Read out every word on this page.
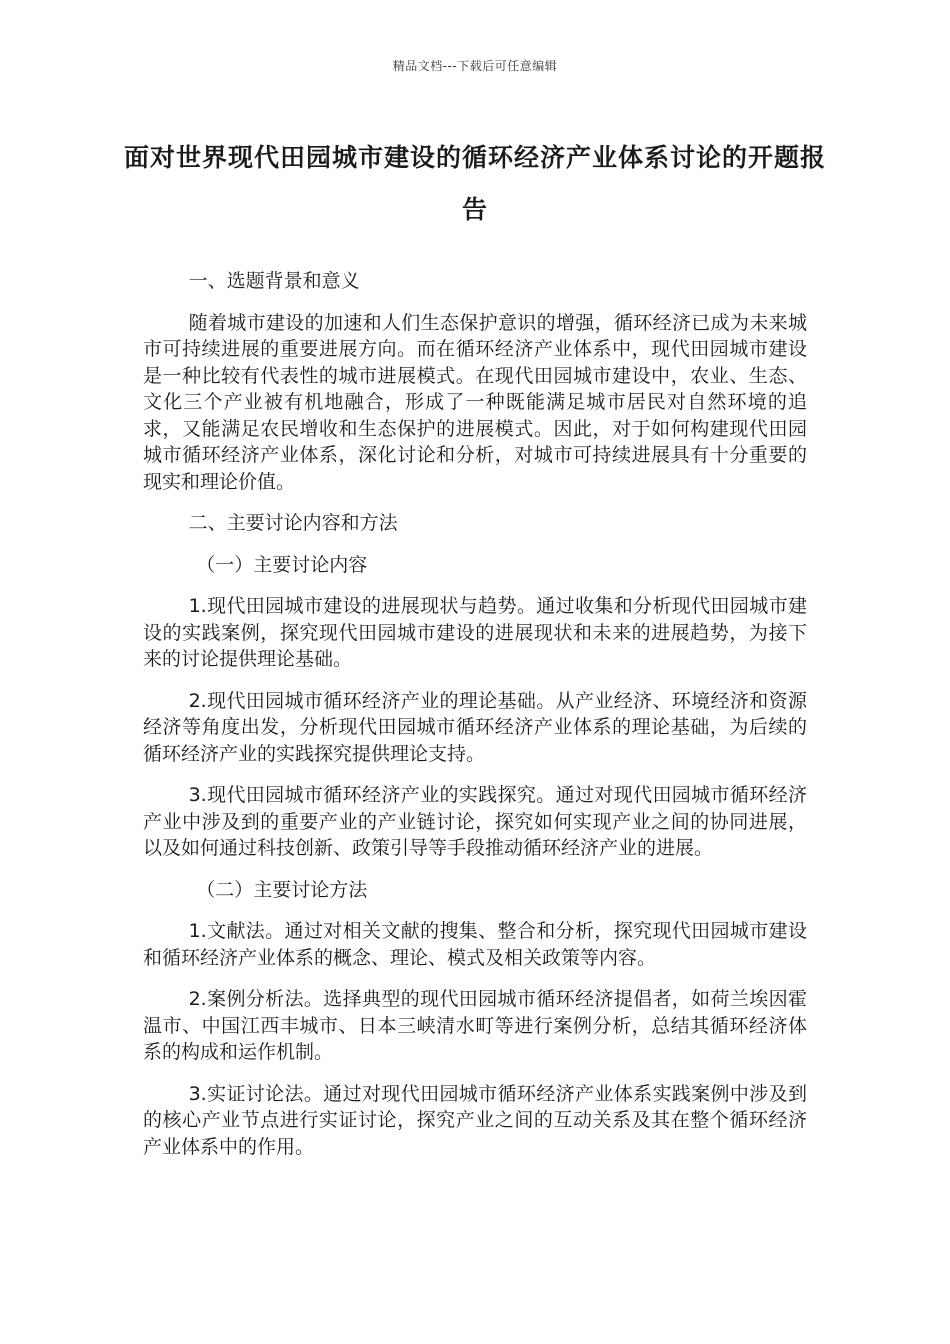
精品文档---下载后可任意编辑
面对世界现代田园城市建设的循环经济产业体系讨论的开题报告

一、选题背景和意义

随着城市建设的加速和人们生态保护意识的增强，循环经济已成为未来城市可持续进展的重要进展方向。而在循环经济产业体系中，现代田园城市建设是一种比较有代表性的城市进展模式。在现代田园城市建设中，农业、生态、文化三个产业被有机地融合，形成了一种既能满足城市居民对自然环境的追求，又能满足农民增收和生态保护的进展模式。因此，对于如何构建现代田园城市循环经济产业体系，深化讨论和分析，对城市可持续进展具有十分重要的现实和理论价值。

二、主要讨论内容和方法

（一）主要讨论内容

1.现代田园城市建设的进展现状与趋势。通过收集和分析现代田园城市建设的实践案例，探究现代田园城市建设的进展现状和未来的进展趋势，为接下来的讨论提供理论基础。

2.现代田园城市循环经济产业的理论基础。从产业经济、环境经济和资源经济等角度出发，分析现代田园城市循环经济产业体系的理论基础，为后续的循环经济产业的实践探究提供理论支持。

3.现代田园城市循环经济产业的实践探究。通过对现代田园城市循环经济产业中涉及到的重要产业的产业链讨论，探究如何实现产业之间的协同进展，以及如何通过科技创新、政策引导等手段推动循环经济产业的进展。

（二）主要讨论方法

1.文献法。通过对相关文献的搜集、整合和分析，探究现代田园城市建设和循环经济产业体系的概念、理论、模式及相关政策等内容。

2.案例分析法。选择典型的现代田园城市循环经济提倡者，如荷兰埃因霍温市、中国江西丰城市、日本三峡清水町等进行案例分析，总结其循环经济体系的构成和运作机制。

3.实证讨论法。通过对现代田园城市循环经济产业体系实践案例中涉及到的核心产业节点进行实证讨论，探究产业之间的互动关系及其在整个循环经济产业体系中的作用。
